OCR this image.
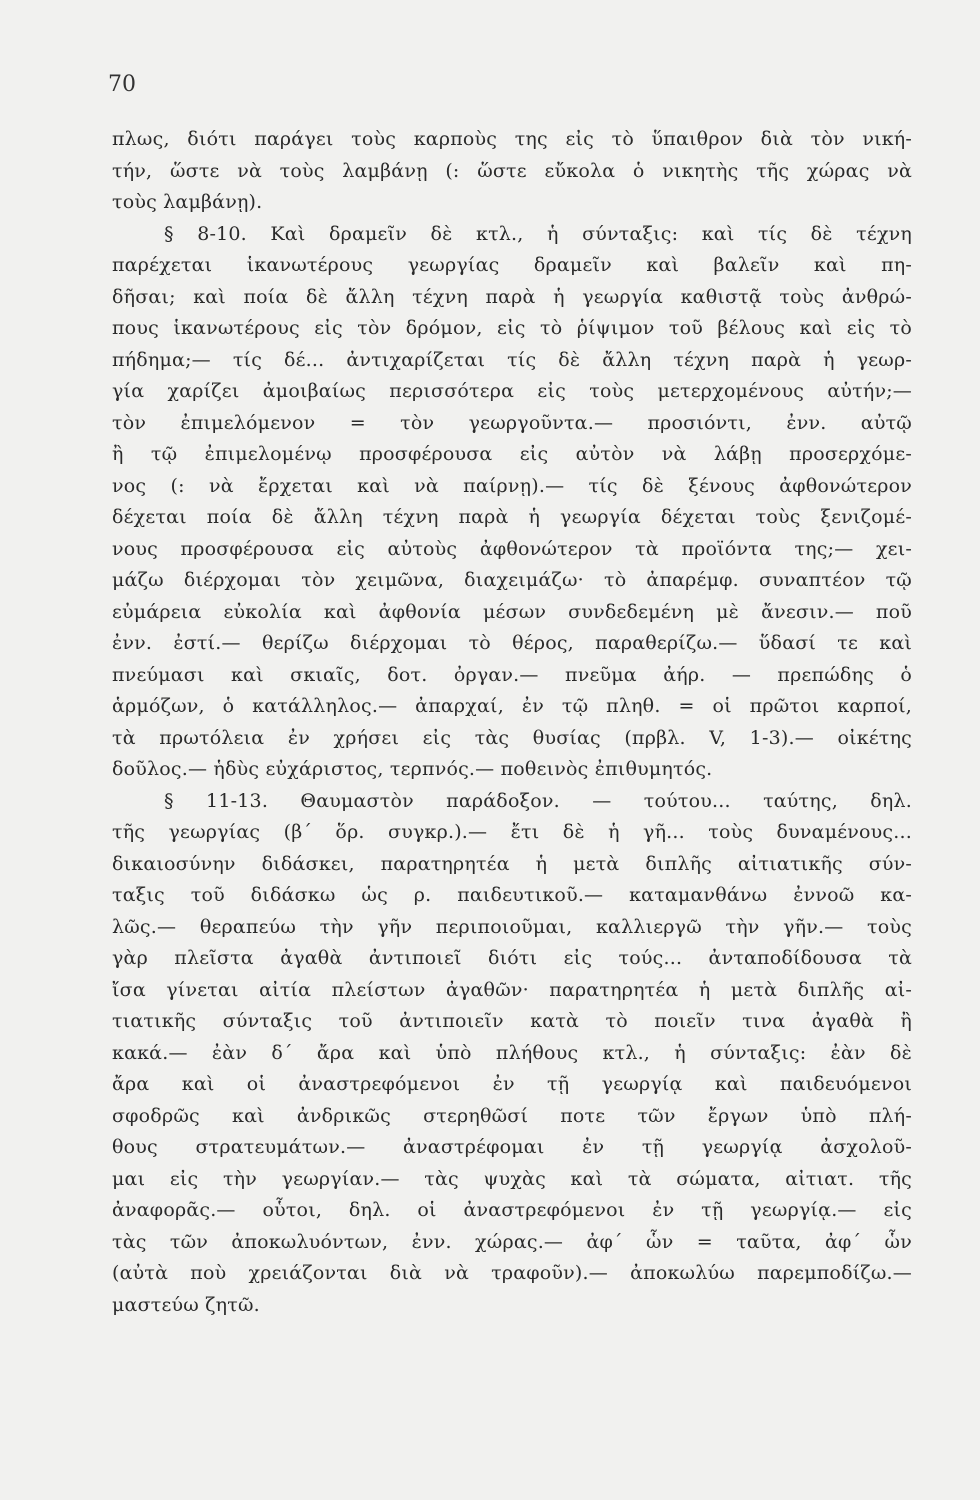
70
πλως, διότι παράγει τοὺς καρποὺς της εἰς τὸ ὕπαιθρον διὰ τὸν νική-
τήν, ὥστε νὰ τοὺς λαμβάνῃ (: ὥστε εὔκολα ὁ νικητὴς τῆς χώρας νὰ
τοὺς λαμβάνῃ).
§ 8-10. Καὶ δραμεῖν δὲ κτλ., ἡ σύνταξις: καὶ τίς δὲ τέχνη
παρέχεται ἱκανωτέρους γεωργίας δραμεῖν καὶ βαλεῖν καὶ πη-
δῆσαι; καὶ ποία δὲ ἄλλη τέχνη παρὰ ἡ γεωργία καθιστᾷ τοὺς ἀνθρώ-
πους ἱκανωτέρους εἰς τὸν δρόμον, εἰς τὸ ῥίψιμον τοῦ βέλους καὶ εἰς τὸ
πήδημα;— τίς δέ... ἀντιχαρίζεται τίς δὲ ἄλλη τέχνη παρὰ ἡ γεωρ-
γία χαρίζει ἀμοιβαίως περισσότερα εἰς τοὺς μετερχομένους αὐτήν;—
τὸν ἐπιμελόμενον = τὸν γεωργοῦντα.— προσιόντι, ἐνν. αὐτῷ
ἢ τῷ ἐπιμελομένῳ προσφέρουσα εἰς αὐτὸν νὰ λάβῃ προσερχόμε-
νος (: νὰ ἔρχεται καὶ νὰ παίρνῃ).— τίς δὲ ξένους ἀφθονώτερον
δέχεται ποία δὲ ἄλλη τέχνη παρὰ ἡ γεωργία δέχεται τοὺς ξενιζομέ-
νους προσφέρουσα εἰς αὐτοὺς ἀφθονώτερον τὰ προϊόντα της;— χει-
μάζω διέρχομαι τὸν χειμῶνα, διαχειμάζω· τὸ ἀπαρέμφ. συναπτέον τῷ
εὐμάρεια εὐκολία καὶ ἀφθονία μέσων συνδεδεμένη μὲ ἄνεσιν.— ποῦ
ἐνν. ἐστί.— θερίζω διέρχομαι τὸ θέρος, παραθερίζω.— ὕδασί τε καὶ
πνεύμασι καὶ σκιαῖς, δοτ. ὀργαν.— πνεῦμα ἀήρ. — πρεπώδης ὁ
ἁρμόζων, ὁ κατάλληλος.— ἀπαρχαί, ἐν τῷ πληθ. = οἱ πρῶτοι καρποί,
τὰ πρωτόλεια ἐν χρήσει εἰς τὰς θυσίας (πρβλ. V, 1-3).— οἰκέτης
δοῦλος.— ἡδὺς εὐχάριστος, τερπνός.— ποθεινὸς ἐπιθυμητός.
§ 11-13. Θαυμαστὸν παράδοξον. — τούτου... ταύτης, δηλ.
τῆς γεωργίας (β΄ ὅρ. συγκρ.).— ἔτι δὲ ἡ γῆ... τοὺς δυναμένους...
δικαιοσύνην διδάσκει, παρατηρητέα ἡ μετὰ διπλῆς αἰτιατικῆς σύν-
ταξις τοῦ διδάσκω ὡς ρ. παιδευτικοῦ.— καταμανθάνω ἐννοῶ κα-
λῶς.— θεραπεύω τὴν γῆν περιποιοῦμαι, καλλιεργῶ τὴν γῆν.— τοὺς
γὰρ πλεῖστα ἀγαθὰ ἀντιποιεῖ διότι εἰς τούς... ἀνταποδίδουσα τὰ
ἴσα γίνεται αἰτία πλείστων ἀγαθῶν· παρατηρητέα ἡ μετὰ διπλῆς αἰ-
τιατικῆς σύνταξις τοῦ ἀντιποιεῖν κατὰ τὸ ποιεῖν τινα ἀγαθὰ ἢ
κακά.— ἐὰν δ΄ ἄρα καὶ ὑπὸ πλήθους κτλ., ἡ σύνταξις: ἐὰν δὲ
ἄρα καὶ οἱ ἀναστρεφόμενοι ἐν τῇ γεωργίᾳ καὶ παιδευόμενοι
σφοδρῶς καὶ ἀνδρικῶς στερηθῶσί ποτε τῶν ἔργων ὑπὸ πλή-
θους στρατευμάτων.— ἀναστρέφομαι ἐν τῇ γεωργίᾳ ἀσχολοῦ-
μαι εἰς τὴν γεωργίαν.— τὰς ψυχὰς καὶ τὰ σώματα, αἰτιατ. τῆς
ἀναφορᾶς.— οὗτοι, δηλ. οἱ ἀναστρεφόμενοι ἐν τῇ γεωργίᾳ.— εἰς
τὰς τῶν ἀποκωλυόντων, ἐνν. χώρας.— ἀφ΄ ὧν = ταῦτα, ἀφ΄ ὧν
(αὐτὰ ποὺ χρειάζονται διὰ νὰ τραφοῦν).— ἀποκωλύω παρεμποδίζω.—
μαστεύω ζητῶ.
